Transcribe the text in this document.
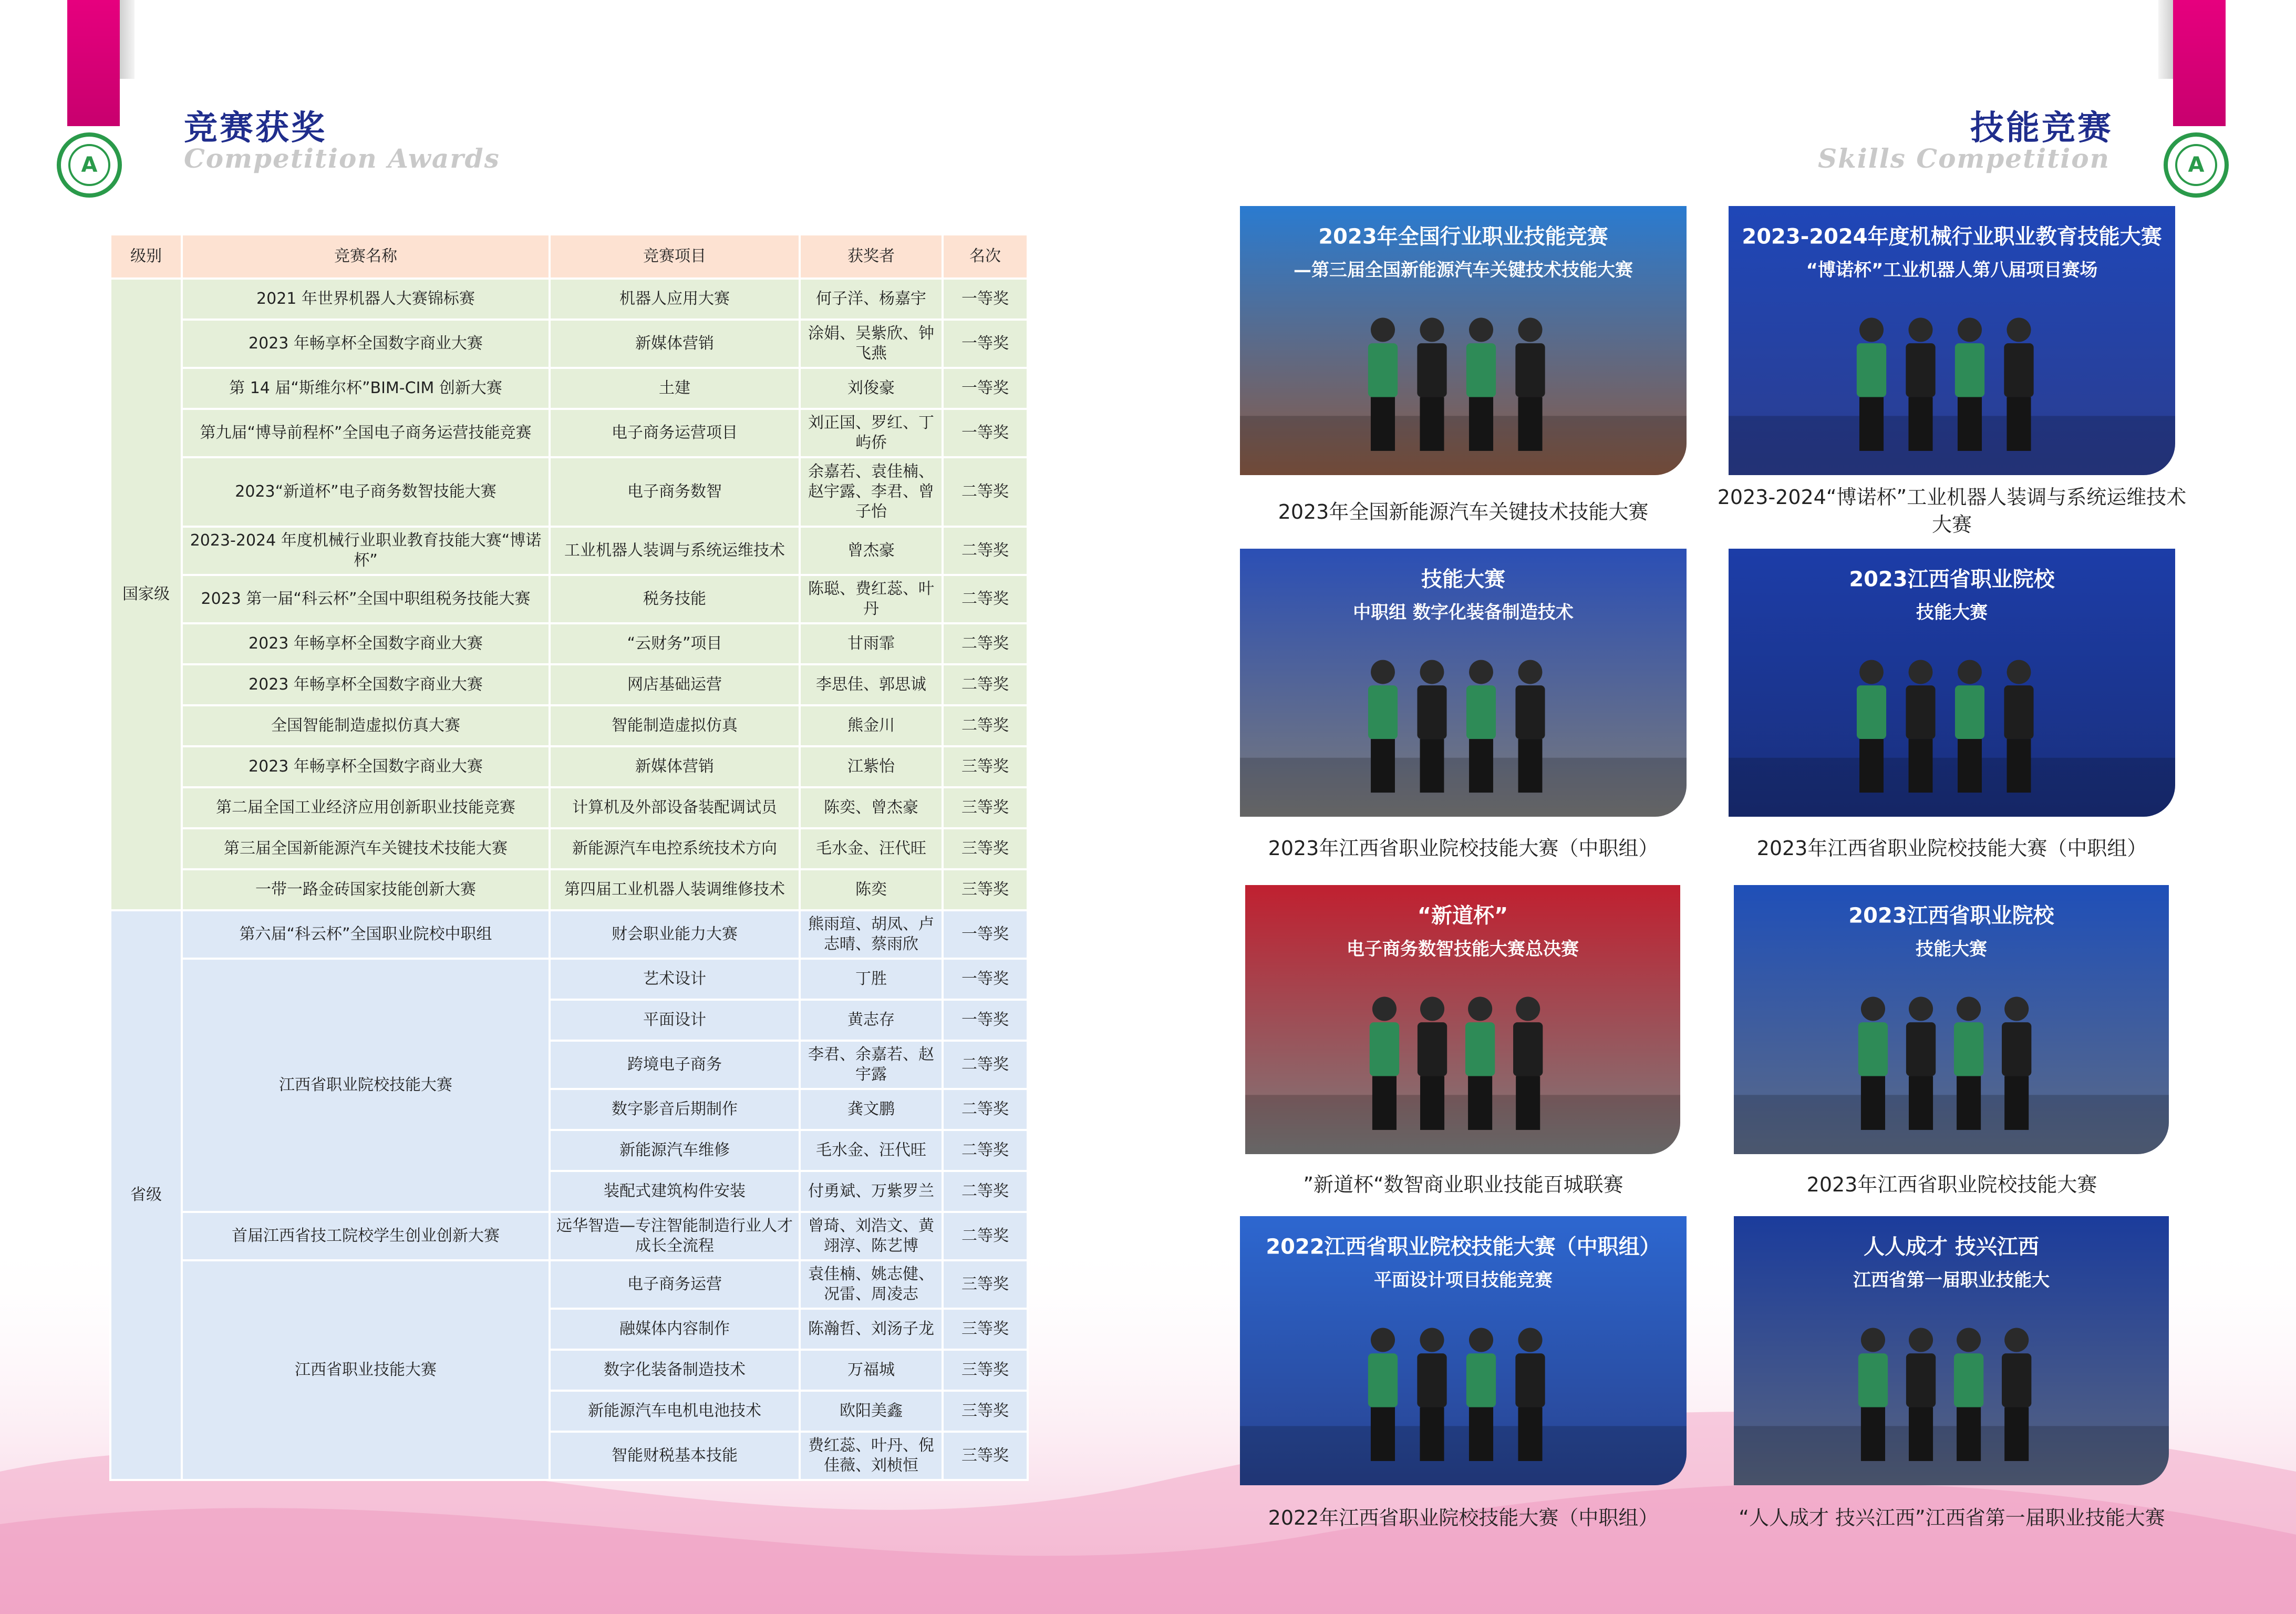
A	A
竞赛获奖
Competition Awards
技能竞赛
Skills Competition
级别	竞赛名称	竞赛项目	获奖者	名次
国家级	2021 年世界机器人大赛锦标赛	机器人应用大赛	何子洋、杨嘉宇	一等奖
	2023 年畅享杯全国数字商业大赛	新媒体营销	涂娟、吴紫欣、钟飞燕	一等奖
	第 14 届“斯维尔杯”BIM-CIM 创新大赛	土建	刘俊豪	一等奖
	第九届“博导前程杯”全国电子商务运营技能竞赛	电子商务运营项目	刘正国、罗红、丁屿侨	一等奖
	2023“新道杯”电子商务数智技能大赛	电子商务数智	余嘉若、袁佳楠、赵宇露、李君、曾子怡	二等奖
	2023-2024 年度机械行业职业教育技能大赛“博诺杯”	工业机器人装调与系统运维技术	曾杰豪	二等奖
	2023 第一届“科云杯”全国中职组税务技能大赛	税务技能	陈聪、费红蕊、叶丹	二等奖
	2023 年畅享杯全国数字商业大赛	“云财务”项目	甘雨霏	二等奖
	2023 年畅享杯全国数字商业大赛	网店基础运营	李思佳、郭思诚	二等奖
	全国智能制造虚拟仿真大赛	智能制造虚拟仿真	熊金川	二等奖
	2023 年畅享杯全国数字商业大赛	新媒体营销	江紫怡	三等奖
	第二届全国工业经济应用创新职业技能竞赛	计算机及外部设备装配调试员	陈奕、曾杰豪	三等奖
	第三届全国新能源汽车关键技术技能大赛	新能源汽车电控系统技术方向	毛水金、汪代旺	三等奖
	一带一路金砖国家技能创新大赛	第四届工业机器人装调维修技术	陈奕	三等奖
省级	第六届“科云杯”全国职业院校中职组	财会职业能力大赛	熊雨瑄、胡凤、卢志晴、蔡雨欣	一等奖
	江西省职业院校技能大赛	艺术设计	丁胜	一等奖
		平面设计	黄志存	一等奖
		跨境电子商务	李君、余嘉若、赵宇露	二等奖
		数字影音后期制作	龚文鹏	二等奖
		新能源汽车维修	毛水金、汪代旺	二等奖
		装配式建筑构件安装	付勇斌、万紫罗兰	二等奖
	首届江西省技工院校学生创业创新大赛	远华智造—专注智能制造行业人才成长全流程	曾琦、刘浩文、黄翊淳、陈艺博	二等奖
	江西省职业技能大赛	电子商务运营	袁佳楠、姚志健、况雷、周凌志	三等奖
		融媒体内容制作	陈瀚哲、刘汤子龙	三等奖
		数字化装备制造技术	万福城	三等奖
		新能源汽车电机电池技术	欧阳美鑫	三等奖
		智能财税基本技能	费红蕊、叶丹、倪佳薇、刘桢恒	三等奖
2023年全国行业职业技能竞赛
—第三届全国新能源汽车关键技术技能大赛
2023年全国新能源汽车关键技术技能大赛
2023-2024年度机械行业职业教育技能大赛
“博诺杯”工业机器人第八届项目赛场
2023-2024“博诺杯”工业机器人装调与系统运维技术大赛
技能大赛
中职组 数字化装备制造技术
2023年江西省职业院校技能大赛（中职组）
2023江西省职业院校
技能大赛
2023年江西省职业院校技能大赛（中职组）
“新道杯”
电子商务数智技能大赛总决赛
”新道杯“数智商业职业技能百城联赛
2023江西省职业院校
技能大赛
2023年江西省职业院校技能大赛
2022江西省职业院校技能大赛（中职组）
平面设计项目技能竞赛
2022年江西省职业院校技能大赛（中职组）
人人成才 技兴江西
江西省第一届职业技能大
“人人成才 技兴江西”江西省第一届职业技能大赛
